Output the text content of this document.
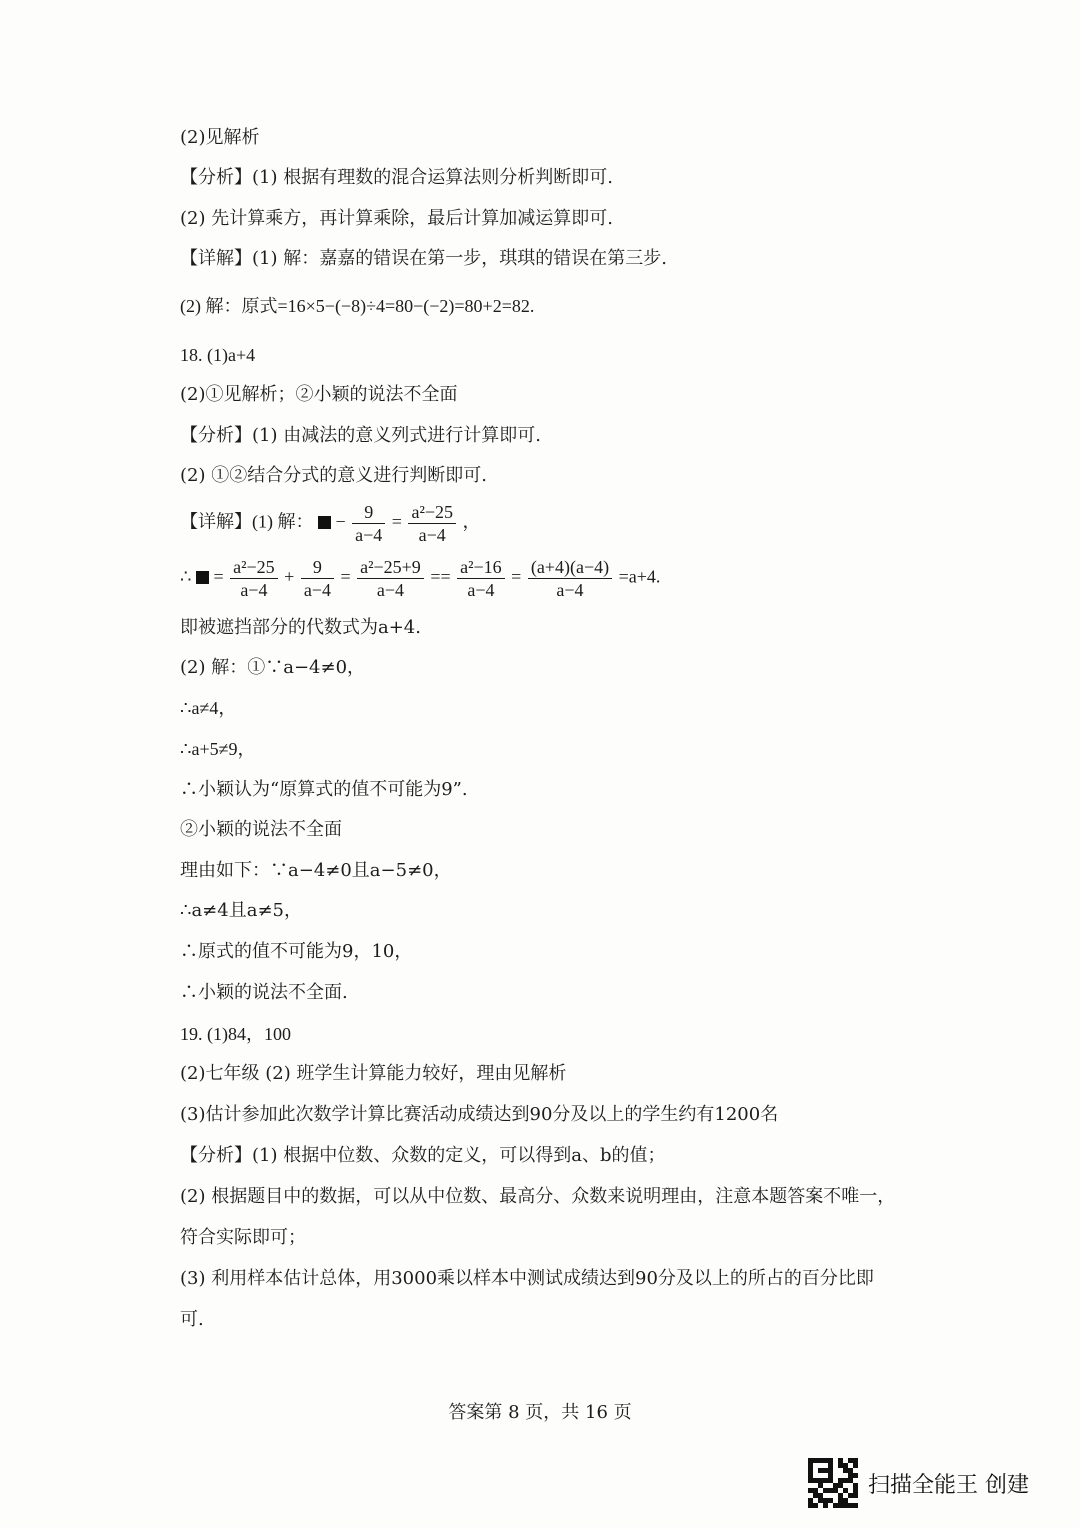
(2)见解析
【分析】(1) 根据有理数的混合运算法则分析判断即可.
(2) 先计算乘方，再计算乘除，最后计算加减运算即可.
【详解】(1) 解：嘉嘉的错误在第一步，琪琪的错误在第三步.
(2) 解：原式=16×5−(−8)÷4=80−(−2)=80+2=82.
18. (1)a+4
(2)①见解析；②小颖的说法不全面
【分析】(1) 由减法的意义列式进行计算即可.
(2) ①②结合分式的意义进行判断即可.
【详解】(1) 解： − $\frac{9}{a-4} = \frac{\text{a²−25}}{a-4}$ ，
∴ = $\frac{\text{a²−25}}{a-4} + \frac{9}{a-4} = \frac{\text{a²−25+9}}{a-4} == \frac{\text{a²−16}}{a-4} = \frac{(a+4)(a-4)}{a-4} =a+4$.
即被遮挡部分的代数式为a+4.
(2) 解：①∵a−4≠0，
∴a≠4，
∴a+5≠9，
∴小颖认为“原算式的值不可能为9”.
②小颖的说法不全面
理由如下：∵a−4≠0且a−5≠0，
∴a≠4且a≠5，
∴原式的值不可能为9，10，
∴小颖的说法不全面.
19. (1)84，100
(2)七年级 (2) 班学生计算能力较好，理由见解析
(3)估计参加此次数学计算比赛活动成绩达到90分及以上的学生约有1200名
【分析】(1) 根据中位数、众数的定义，可以得到a、b的值；
(2) 根据题目中的数据，可以从中位数、最高分、众数来说明理由，注意本题答案不唯一，
符合实际即可；
(3) 利用样本估计总体，用3000乘以样本中测试成绩达到90分及以上的所占的百分比即
可.
答案第 8 页，共 16 页
扫描全能王 创建
